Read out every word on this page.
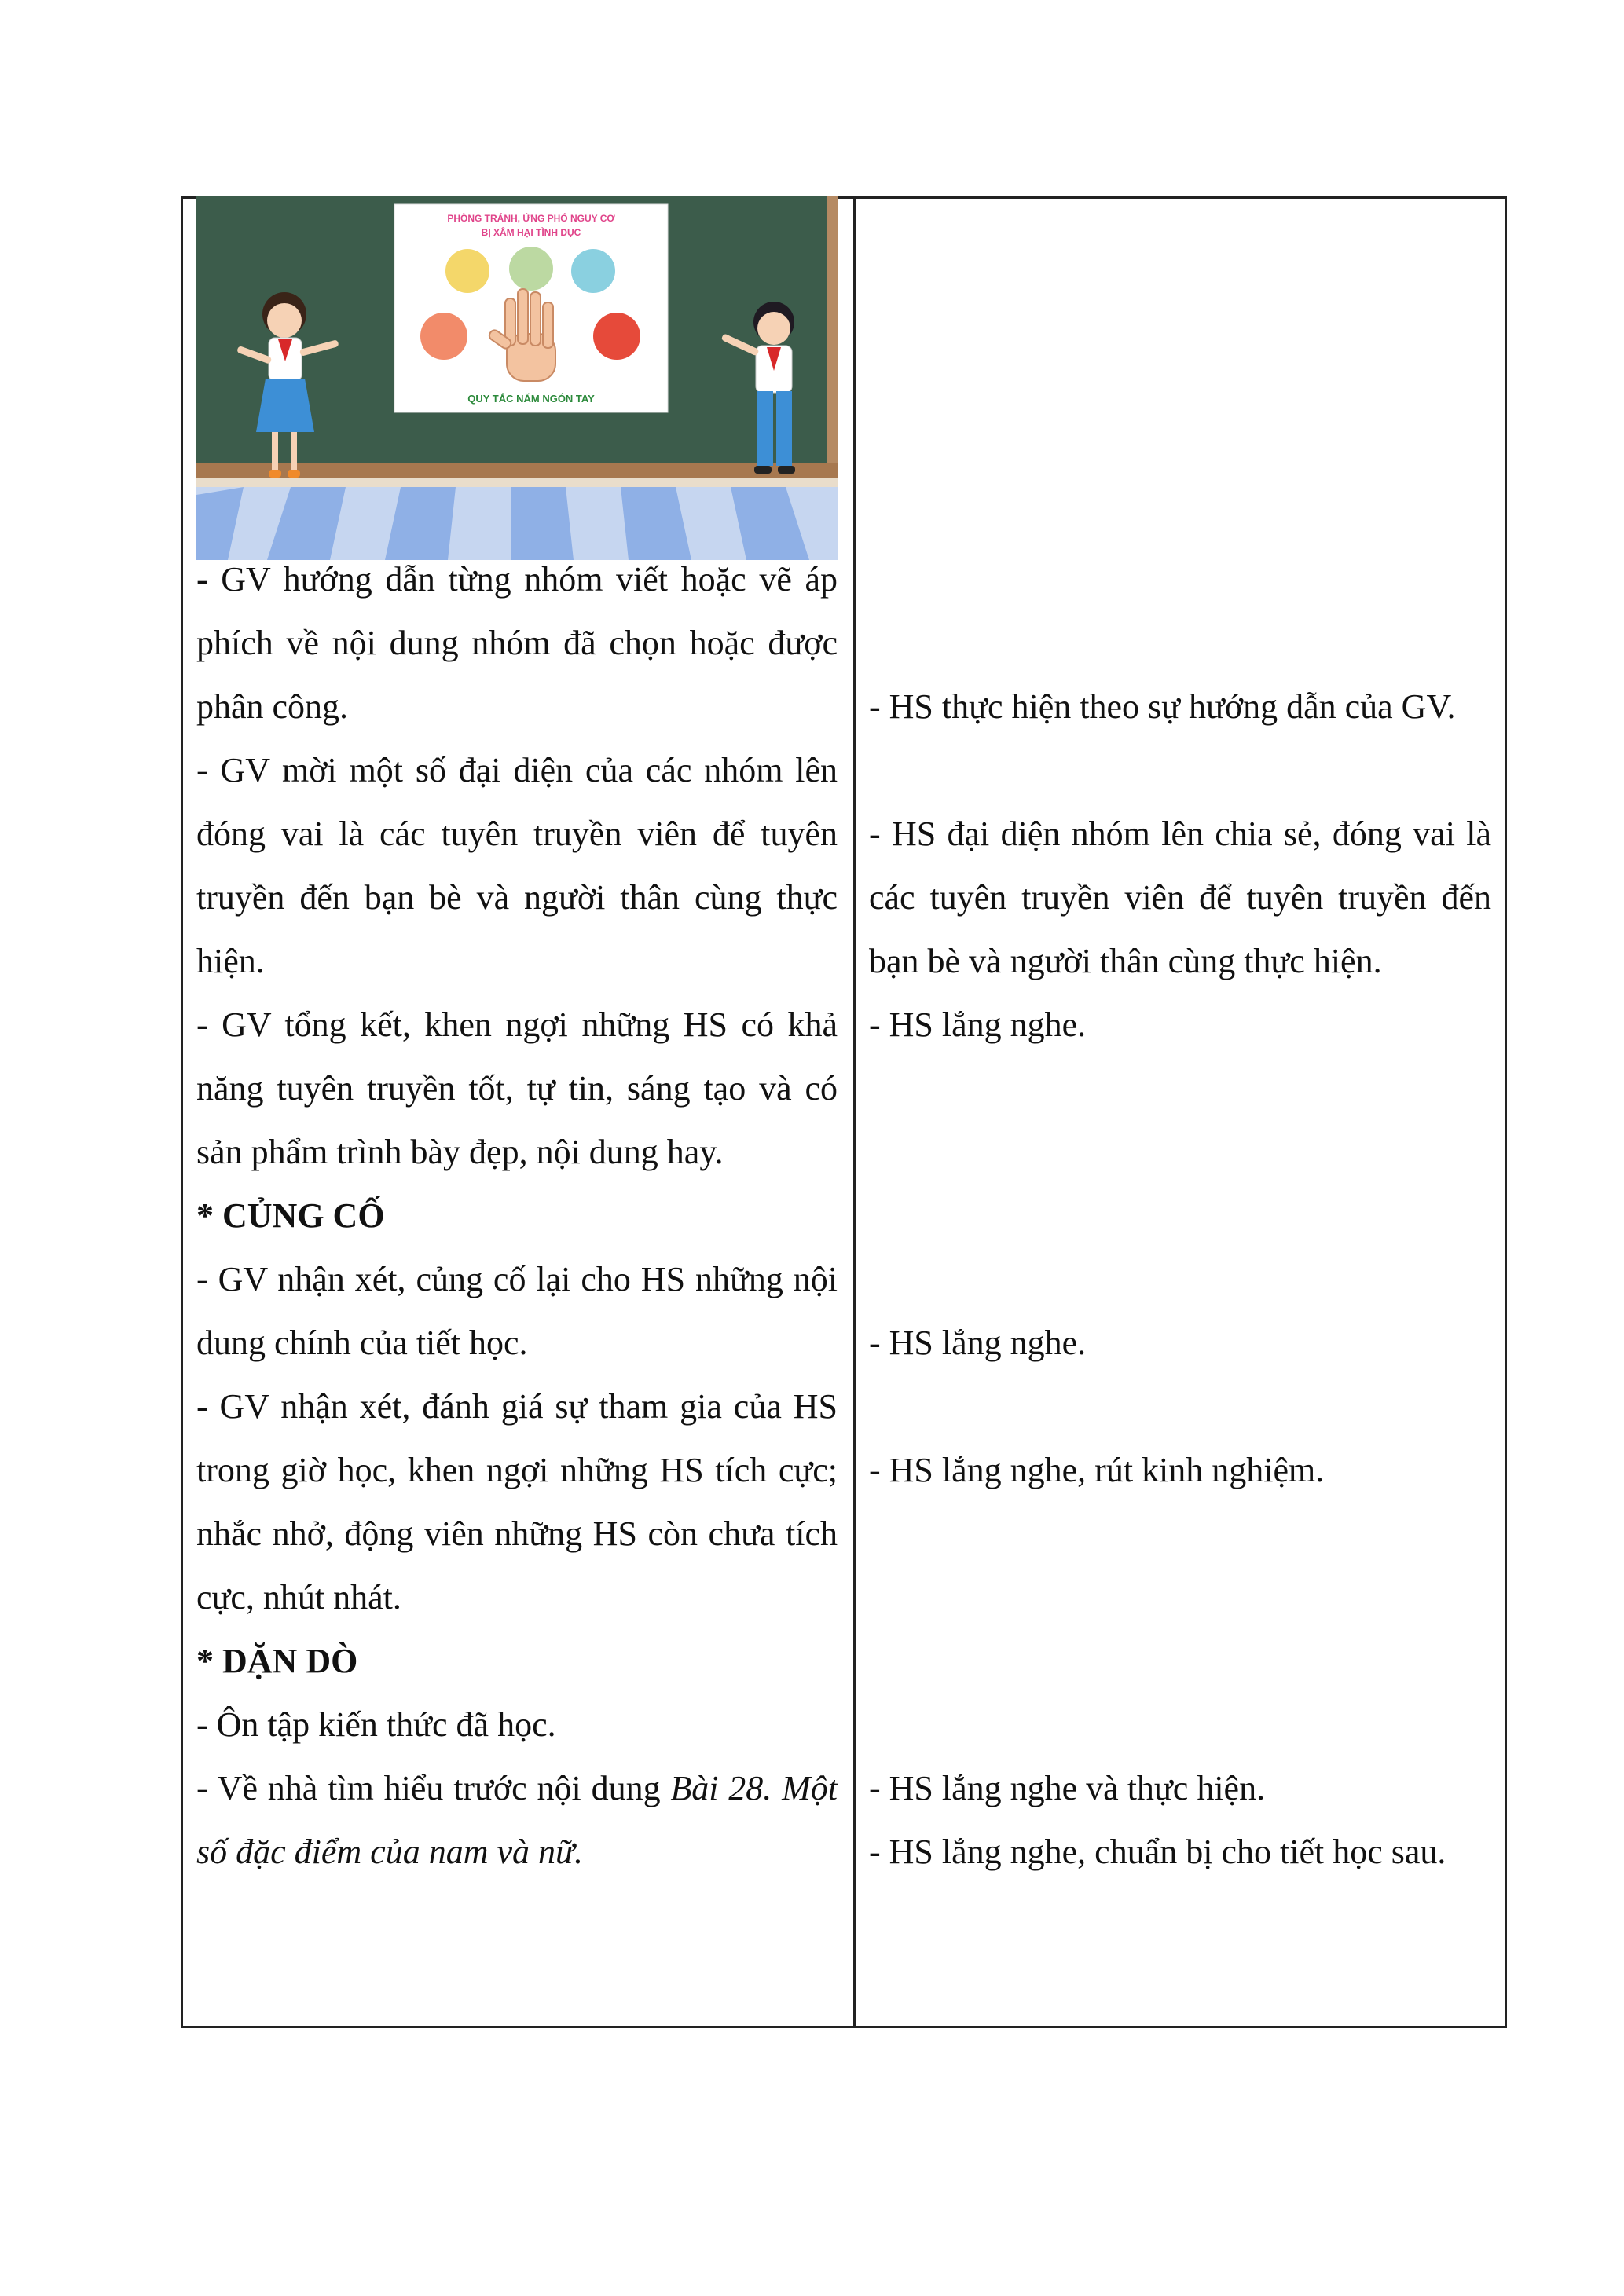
PHÒNG TRÁNH, ỨNG PHÓ NGUY CƠ
BỊ XÂM HẠI TÌNH DỤC
QUY TẮC NĂM NGÓN TAY
- GV hướng dẫn từng nhóm viết hoặc vẽ áp phích về nội dung nhóm đã chọn hoặc được phân công.
- GV mời một số đại diện của các nhóm lên đóng vai là các tuyên truyền viên để tuyên truyền đến bạn bè và người thân cùng thực hiện.
- GV tổng kết, khen ngợi những HS có khả năng tuyên truyền tốt, tự tin, sáng tạo và có sản phẩm trình bày đẹp, nội dung hay.
* CỦNG CỐ
- GV nhận xét, củng cố lại cho HS những nội dung chính của tiết học.
- GV nhận xét, đánh giá sự tham gia của HS trong giờ học, khen ngợi những HS tích cực; nhắc nhở, động viên những HS còn chưa tích cực, nhút nhát.
* DẶN DÒ
- Ôn tập kiến thức đã học.
- Về nhà tìm hiểu trước nội dung Bài 28. Một số đặc điểm của nam và nữ.
- HS thực hiện theo sự hướng dẫn của GV.
- HS đại diện nhóm lên chia sẻ, đóng vai là các tuyên truyền viên để tuyên truyền đến bạn bè và người thân cùng thực hiện.
- HS lắng nghe.
- HS lắng nghe.
- HS lắng nghe, rút kinh nghiệm.
- HS lắng nghe và thực hiện.
- HS lắng nghe, chuẩn bị cho tiết học sau.
